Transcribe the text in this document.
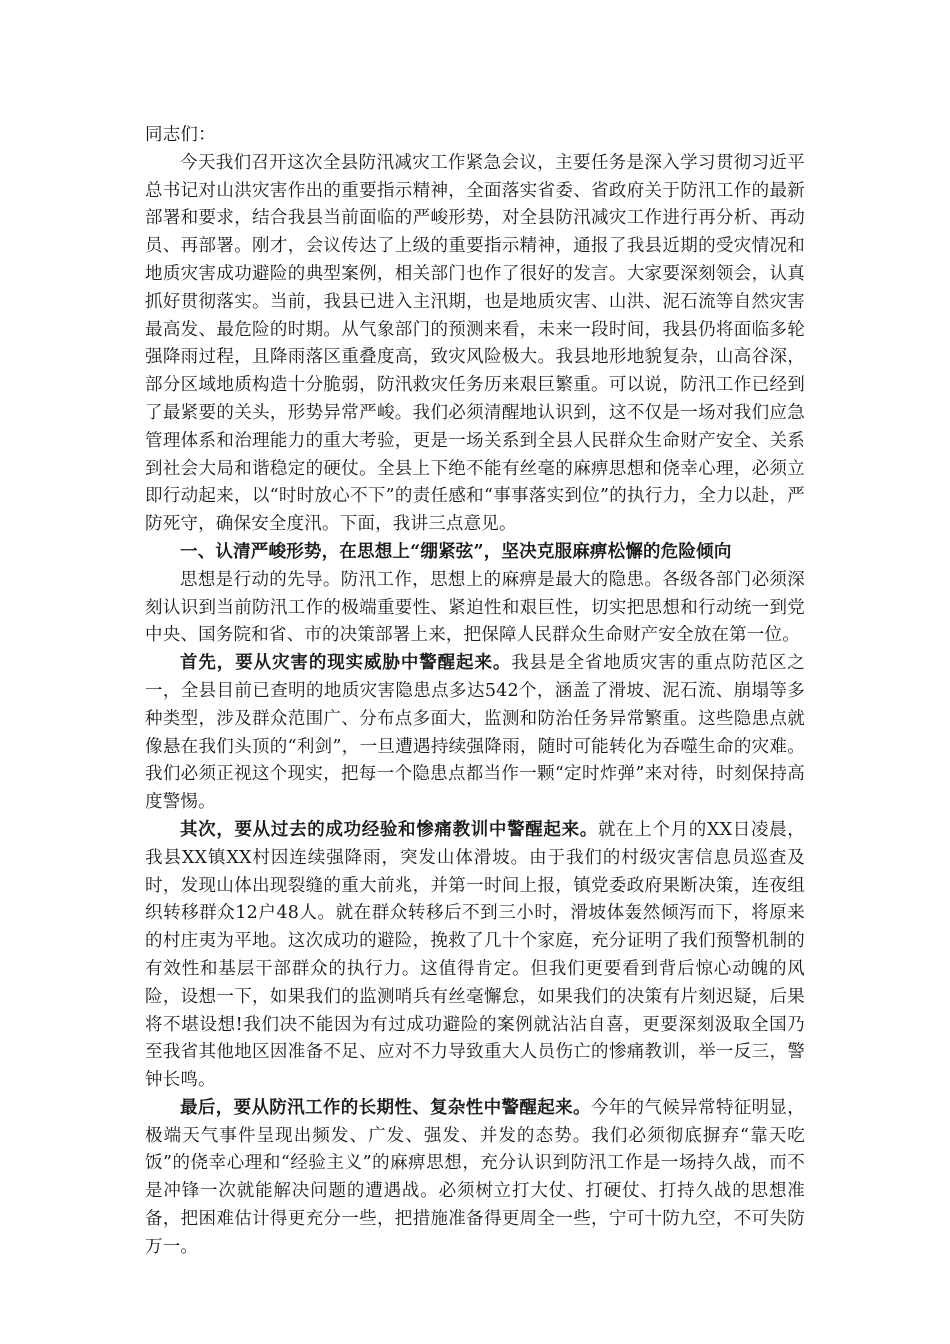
同志们：

今天我们召开这次全县防汛减灾工作紧急会议，主要任务是深入学习贯彻习近平总书记对山洪灾害作出的重要指示精神，全面落实省委、省政府关于防汛工作的最新部署和要求，结合我县当前面临的严峻形势，对全县防汛减灾工作进行再分析、再动员、再部署。刚才，会议传达了上级的重要指示精神，通报了我县近期的受灾情况和地质灾害成功避险的典型案例，相关部门也作了很好的发言。大家要深刻领会，认真抓好贯彻落实。当前，我县已进入主汛期，也是地质灾害、山洪、泥石流等自然灾害最高发、最危险的时期。从气象部门的预测来看，未来一段时间，我县仍将面临多轮强降雨过程，且降雨落区重叠度高，致灾风险极大。我县地形地貌复杂，山高谷深，部分区域地质构造十分脆弱，防汛救灾任务历来艰巨繁重。可以说，防汛工作已经到了最紧要的关头，形势异常严峻。我们必须清醒地认识到，这不仅是一场对我们应急管理体系和治理能力的重大考验，更是一场关系到全县人民群众生命财产安全、关系到社会大局和谐稳定的硬仗。全县上下绝不能有丝毫的麻痹思想和侥幸心理，必须立即行动起来，以“时时放心不下”的责任感和“事事落实到位”的执行力，全力以赴，严防死守，确保安全度汛。下面，我讲三点意见。

一、认清严峻形势，在思想上“绷紧弦”，坚决克服麻痹松懈的危险倾向

思想是行动的先导。防汛工作，思想上的麻痹是最大的隐患。各级各部门必须深刻认识到当前防汛工作的极端重要性、紧迫性和艰巨性，切实把思想和行动统一到党中央、国务院和省、市的决策部署上来，把保障人民群众生命财产安全放在第一位。

首先，要从灾害的现实威胁中警醒起来。我县是全省地质灾害的重点防范区之一，全县目前已查明的地质灾害隐患点多达542个，涵盖了滑坡、泥石流、崩塌等多种类型，涉及群众范围广、分布点多面大，监测和防治任务异常繁重。这些隐患点就像悬在我们头顶的“利剑”，一旦遭遇持续强降雨，随时可能转化为吞噬生命的灾难。我们必须正视这个现实，把每一个隐患点都当作一颗“定时炸弹”来对待，时刻保持高度警惕。

其次，要从过去的成功经验和惨痛教训中警醒起来。就在上个月的XX日凌晨，我县XX镇XX村因连续强降雨，突发山体滑坡。由于我们的村级灾害信息员巡查及时，发现山体出现裂缝的重大前兆，并第一时间上报，镇党委政府果断决策，连夜组织转移群众12户48人。就在群众转移后不到三小时，滑坡体轰然倾泻而下，将原来的村庄夷为平地。这次成功的避险，挽救了几十个家庭，充分证明了我们预警机制的有效性和基层干部群众的执行力。这值得肯定。但我们更要看到背后惊心动魄的风险，设想一下，如果我们的监测哨兵有丝毫懈怠，如果我们的决策有片刻迟疑，后果将不堪设想!我们决不能因为有过成功避险的案例就沾沾自喜，更要深刻汲取全国乃至我省其他地区因准备不足、应对不力导致重大人员伤亡的惨痛教训，举一反三，警钟长鸣。

最后，要从防汛工作的长期性、复杂性中警醒起来。今年的气候异常特征明显，极端天气事件呈现出频发、广发、强发、并发的态势。我们必须彻底摒弃“靠天吃饭”的侥幸心理和“经验主义”的麻痹思想，充分认识到防汛工作是一场持久战，而不是冲锋一次就能解决问题的遭遇战。必须树立打大仗、打硬仗、打持久战的思想准备，把困难估计得更充分一些，把措施准备得更周全一些，宁可十防九空，不可失防万一。
